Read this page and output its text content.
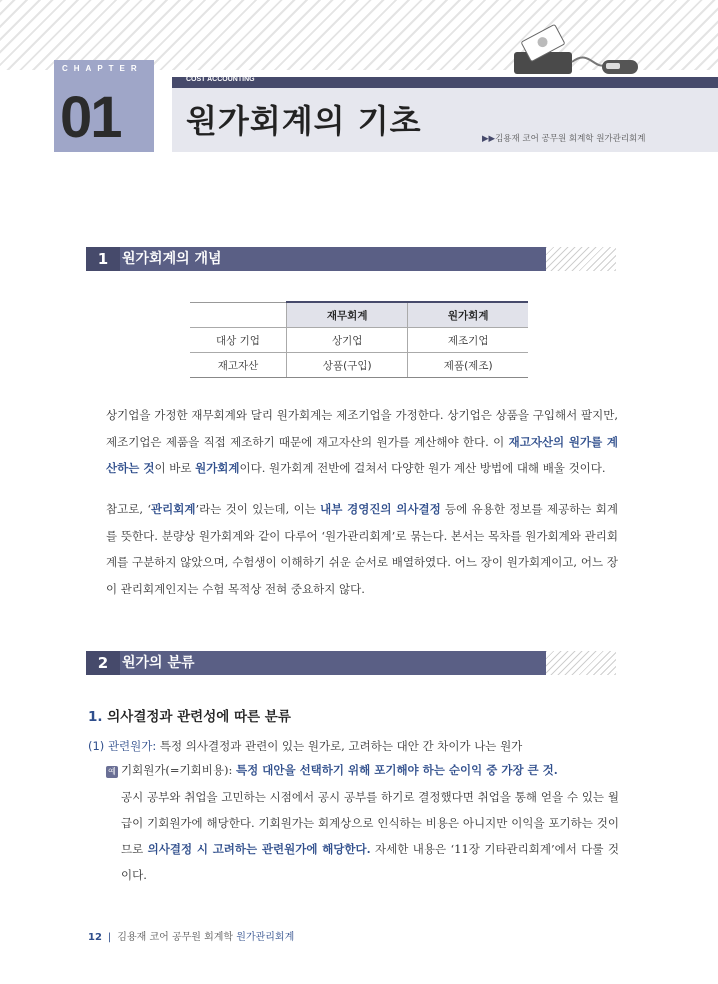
CHAPTER
01
COST ACCOUNTING
원가회계의 기초	▶▶김용재 코어 공무원 회계학 원가관리회계
1 원가회계의 개념
	재무회계	원가회계
대상 기업	상기업	제조기업
재고자산	상품(구입)	제품(제조)
상기업을 가정한 재무회계와 달리 원가회계는 제조기업을 가정한다. 상기업은 상품을 구입해서 팔지만, 제조기업은 제품을 직접 제조하기 때문에 재고자산의 원가를 계산해야 한다. 이 재고자산의 원가를 계산하는 것이 바로 원가회계이다. 원가회계 전반에 걸쳐서 다양한 원가 계산 방법에 대해 배울 것이다.
참고로, ‘관리회계’라는 것이 있는데, 이는 내부 경영진의 의사결정 등에 유용한 정보를 제공하는 회계를 뜻한다. 분량상 원가회계와 같이 다루어 ‘원가관리회계’로 묶는다. 본서는 목차를 원가회계와 관리회계를 구분하지 않았으며, 수험생이 이해하기 쉬운 순서로 배열하였다. 어느 장이 원가회계이고, 어느 장이 관리회계인지는 수험 목적상 전혀 중요하지 않다.
2 원가의 분류
1. 의사결정과 관련성에 따른 분류
(1) 관련원가: 특정 의사결정과 관련이 있는 원가로, 고려하는 대안 간 차이가 나는 원가
예 기회원가(=기회비용): 특정 대안을 선택하기 위해 포기해야 하는 순이익 중 가장 큰 것.
공시 공부와 취업을 고민하는 시점에서 공시 공부를 하기로 결정했다면 취업을 통해 얻을 수 있는 월급이 기회원가에 해당한다. 기회원가는 회계상으로 인식하는 비용은 아니지만 이익을 포기하는 것이므로 의사결정 시 고려하는 관련원가에 해당한다. 자세한 내용은 ‘11장 기타관리회계’에서 다룰 것이다.
12 | 김용재 코어 공무원 회계학 원가관리회계
